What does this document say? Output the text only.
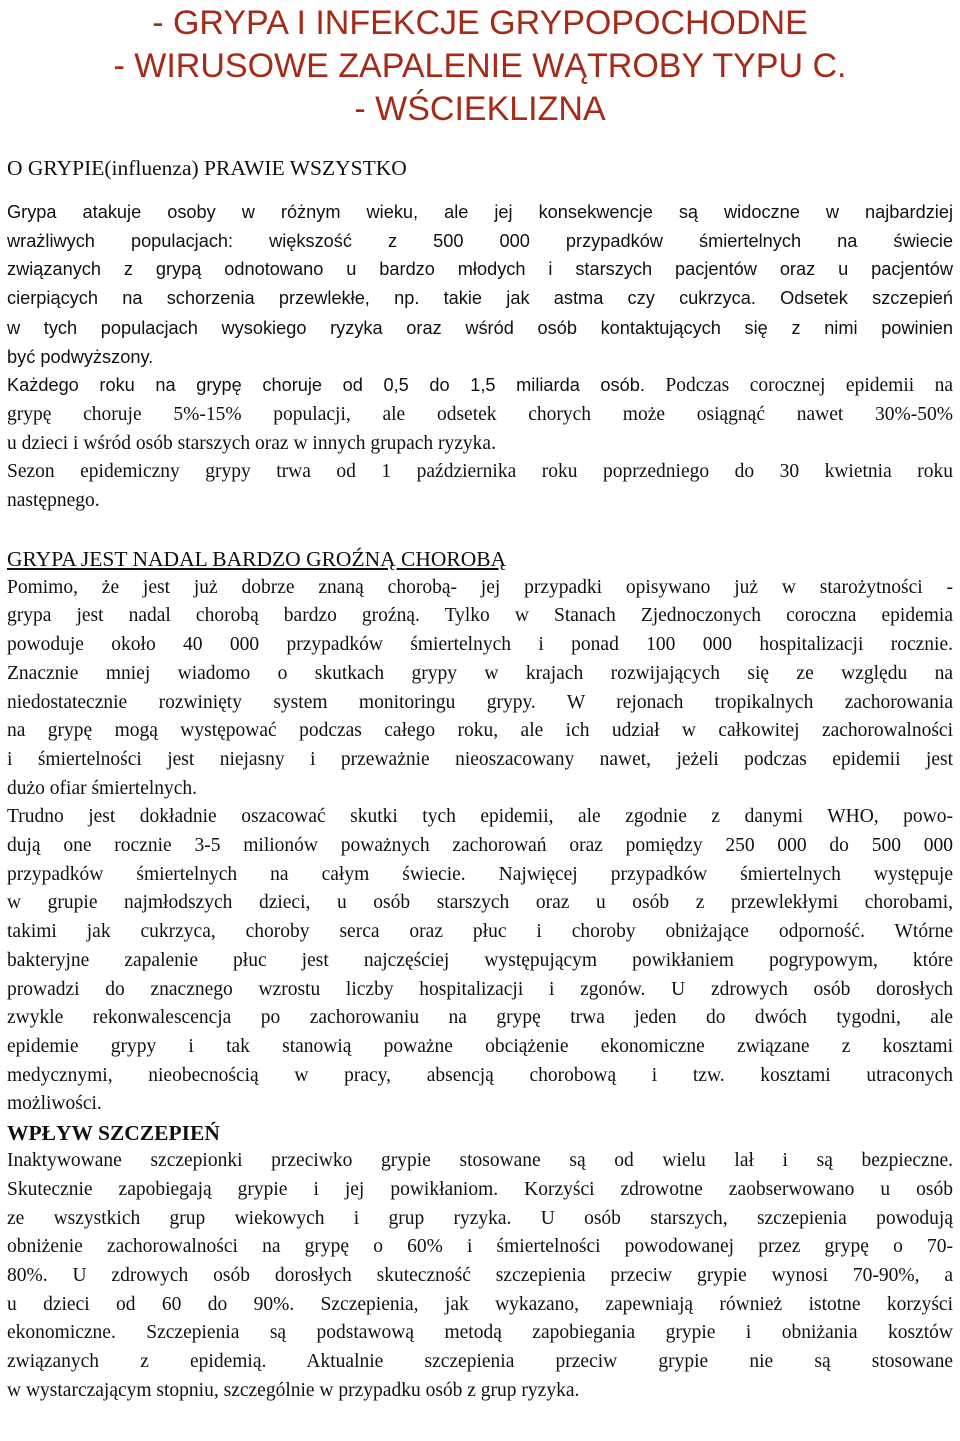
- GRYPA I INFEKCJE GRYPOPOCHODNE
- WIRUSOWE ZAPALENIE WĄTROBY TYPU C.
- WŚCIEKLIZNA
O GRYPIE(influenza) PRAWIE WSZYSTKO
Grypa atakuje osoby w różnym wieku, ale jej konsekwencje są widoczne w najbardziej
wrażliwych populacjach: większość z 500 000 przypadków śmiertelnych na świecie
związanych z grypą odnotowano u bardzo młodych i starszych pacjentów oraz u pacjentów
cierpiących na schorzenia przewlekłe, np. takie jak astma czy cukrzyca. Odsetek szczepień
w tych populacjach wysokiego ryzyka oraz wśród osób kontaktujących się z nimi powinien
być podwyższony.
Każdego roku na grypę choruje od 0,5 do 1,5 miliarda osób. Podczas corocznej epidemii na
grypę choruje 5%-15% populacji, ale odsetek chorych może osiągnąć nawet 30%-50%
u dzieci i wśród osób starszych oraz w innych grupach ryzyka.
Sezon epidemiczny grypy trwa od 1 października roku poprzedniego do 30 kwietnia roku
następnego.
GRYPA JEST NADAL BARDZO GROŹNĄ CHOROBĄ
Pomimo, że jest już dobrze znaną chorobą- jej przypadki opisywano już w starożytności -
grypa jest nadal chorobą bardzo groźną. Tylko w Stanach Zjednoczonych coroczna epidemia
powoduje około 40 000 przypadków śmiertelnych i ponad 100 000 hospitalizacji rocznie.
Znacznie mniej wiadomo o skutkach grypy w krajach rozwijających się ze względu na
niedostatecznie rozwinięty system monitoringu grypy. W rejonach tropikalnych zachorowania
na grypę mogą występować podczas całego roku, ale ich udział w całkowitej zachorowalności
i śmiertelności jest niejasny i przeważnie nieoszacowany nawet, jeżeli podczas epidemii jest
dużo ofiar śmiertelnych.
Trudno jest dokładnie oszacować skutki tych epidemii, ale zgodnie z danymi WHO, powo-
dują one rocznie 3-5 milionów poważnych zachorowań oraz pomiędzy 250 000 do 500 000
przypadków śmiertelnych na całym świecie. Najwięcej przypadków śmiertelnych występuje
w grupie najmłodszych dzieci, u osób starszych oraz u osób z przewlekłymi chorobami,
takimi jak cukrzyca, choroby serca oraz płuc i choroby obniżające odporność. Wtórne
bakteryjne zapalenie płuc jest najczęściej występującym powikłaniem pogrypowym, które
prowadzi do znacznego wzrostu liczby hospitalizacji i zgonów. U zdrowych osób dorosłych
zwykle rekonwalescencja po zachorowaniu na grypę trwa jeden do dwóch tygodni, ale
epidemie grypy i tak stanowią poważne obciążenie ekonomiczne związane z kosztami
medycznymi, nieobecnością w pracy, absencją chorobową i tzw. kosztami utraconych
możliwości.
WPŁYW SZCZEPIEŃ
Inaktywowane szczepionki przeciwko grypie stosowane są od wielu lał i są bezpieczne.
Skutecznie zapobiegają grypie i jej powikłaniom. Korzyści zdrowotne zaobserwowano u osób
ze wszystkich grup wiekowych i grup ryzyka. U osób starszych, szczepienia powodują
obniżenie zachorowalności na grypę o 60% i śmiertelności powodowanej przez grypę o 70-
80%. U zdrowych osób dorosłych skuteczność szczepienia przeciw grypie wynosi 70-90%, a
u dzieci od 60 do 90%. Szczepienia, jak wykazano, zapewniają również istotne korzyści
ekonomiczne. Szczepienia są podstawową metodą zapobiegania grypie i obniżania kosztów
związanych z epidemią. Aktualnie szczepienia przeciw grypie nie są stosowane
w wystarczającym stopniu, szczególnie w przypadku osób z grup ryzyka.
